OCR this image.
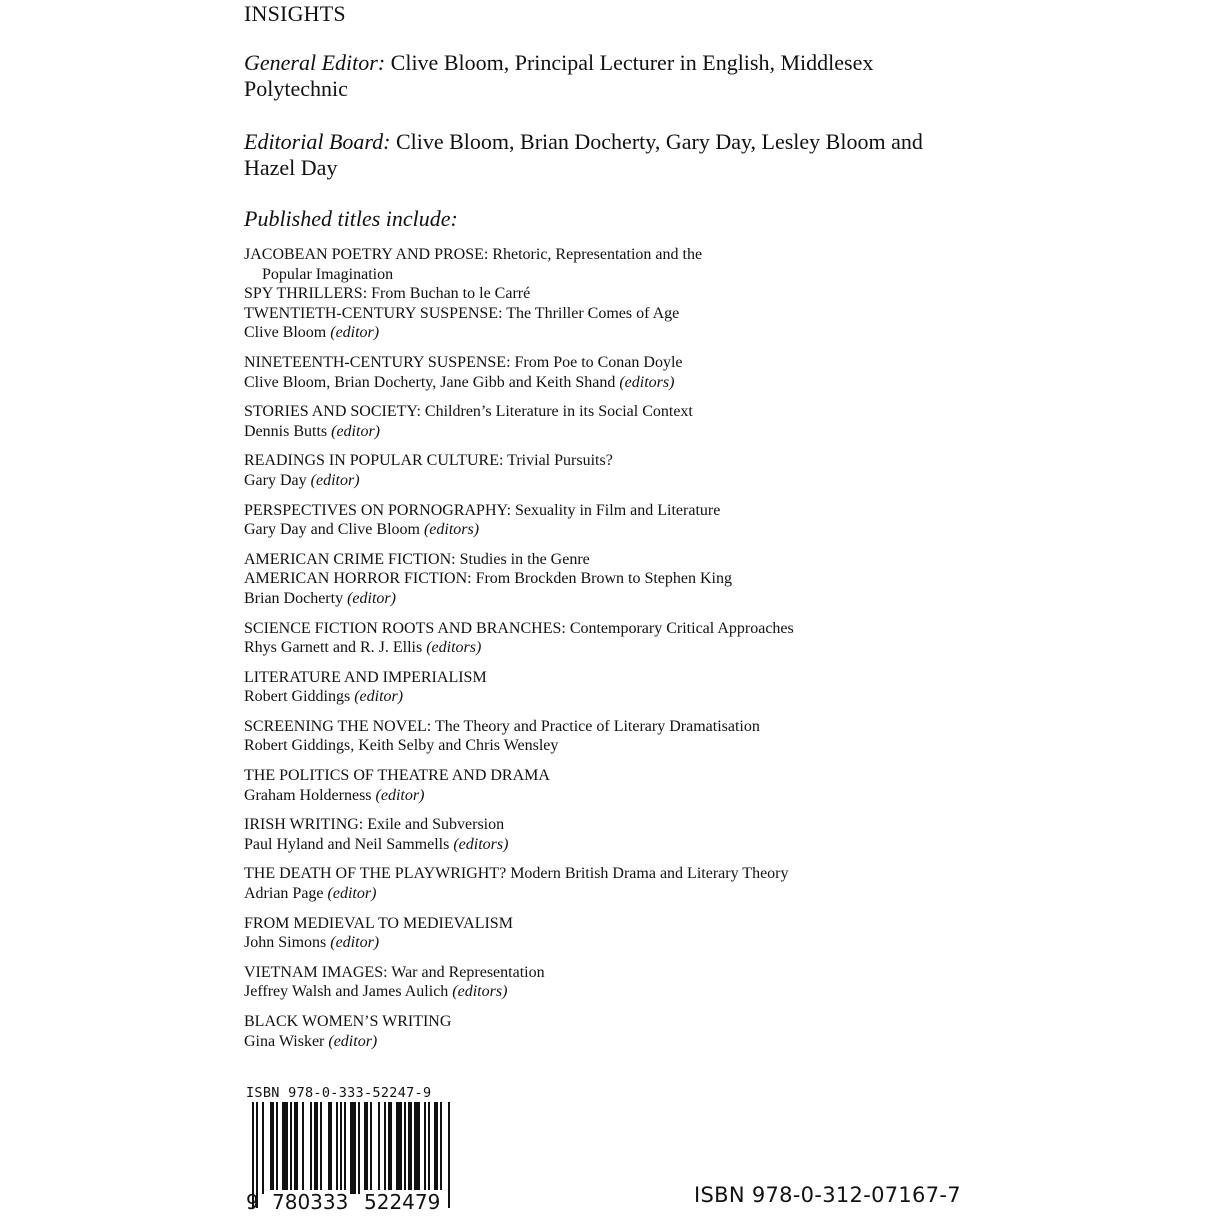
INSIGHTS
General Editor: Clive Bloom, Principal Lecturer in English, Middlesex Polytechnic
Editorial Board: Clive Bloom, Brian Docherty, Gary Day, Lesley Bloom and Hazel Day
Published titles include:
JACOBEAN POETRY AND PROSE: Rhetoric, Representation and the
Popular Imagination
SPY THRILLERS: From Buchan to le Carré
TWENTIETH-CENTURY SUSPENSE: The Thriller Comes of Age
Clive Bloom (editor)
NINETEENTH-CENTURY SUSPENSE: From Poe to Conan Doyle
Clive Bloom, Brian Docherty, Jane Gibb and Keith Shand (editors)
STORIES AND SOCIETY: Children’s Literature in its Social Context
Dennis Butts (editor)
READINGS IN POPULAR CULTURE: Trivial Pursuits?
Gary Day (editor)
PERSPECTIVES ON PORNOGRAPHY: Sexuality in Film and Literature
Gary Day and Clive Bloom (editors)
AMERICAN CRIME FICTION: Studies in the Genre
AMERICAN HORROR FICTION: From Brockden Brown to Stephen King
Brian Docherty (editor)
SCIENCE FICTION ROOTS AND BRANCHES: Contemporary Critical Approaches
Rhys Garnett and R. J. Ellis (editors)
LITERATURE AND IMPERIALISM
Robert Giddings (editor)
SCREENING THE NOVEL: The Theory and Practice of Literary Dramatisation
Robert Giddings, Keith Selby and Chris Wensley
THE POLITICS OF THEATRE AND DRAMA
Graham Holderness (editor)
IRISH WRITING: Exile and Subversion
Paul Hyland and Neil Sammells (editors)
THE DEATH OF THE PLAYWRIGHT? Modern British Drama and Literary Theory
Adrian Page (editor)
FROM MEDIEVAL TO MEDIEVALISM
John Simons (editor)
VIETNAM IMAGES: War and Representation
Jeffrey Walsh and James Aulich (editors)
BLACK WOMEN’S WRITING
Gina Wisker (editor)
ISBN 978-0-333-52247-9
9 780333 522479	ISBN 978-0-312-07167-7
